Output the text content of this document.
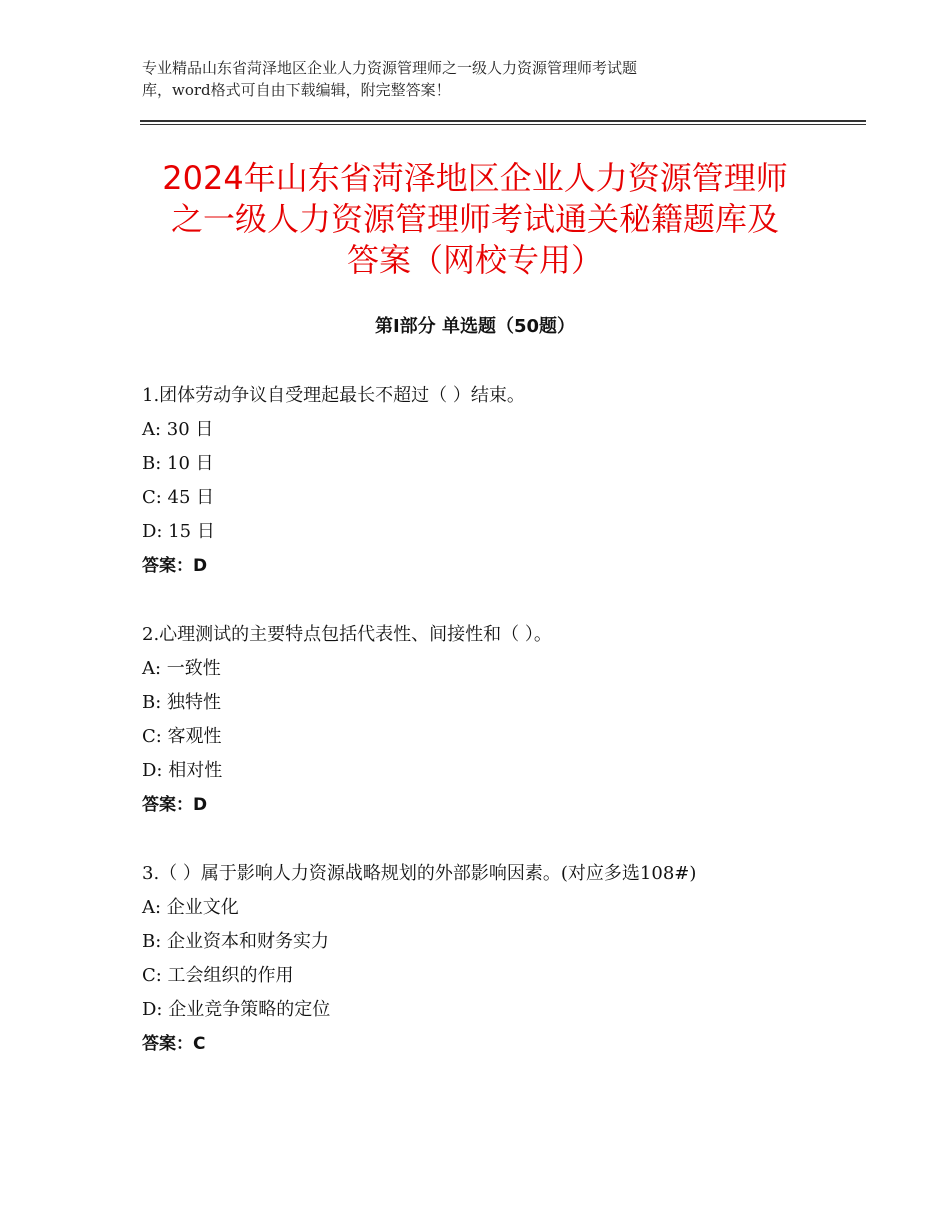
专业精品山东省菏泽地区企业人力资源管理师之一级人力资源管理师考试题
库，word格式可自由下载编辑，附完整答案！
2024年山东省菏泽地区企业人力资源管理师
之一级人力资源管理师考试通关秘籍题库及
答案（网校专用）
第Ⅰ部分 单选题（50题）
1.团体劳动争议自受理起最长不超过（ ）结束。
A: 30 日
B: 10 日
C: 45 日
D: 15 日
答案：D
2.心理测试的主要特点包括代表性、间接性和（ ）。
A: 一致性
B: 独特性
C: 客观性
D: 相对性
答案：D
3.（ ）属于影响人力资源战略规划的外部影响因素。(对应多选108#)
A: 企业文化
B: 企业资本和财务实力
C: 工会组织的作用
D: 企业竞争策略的定位
答案：C
